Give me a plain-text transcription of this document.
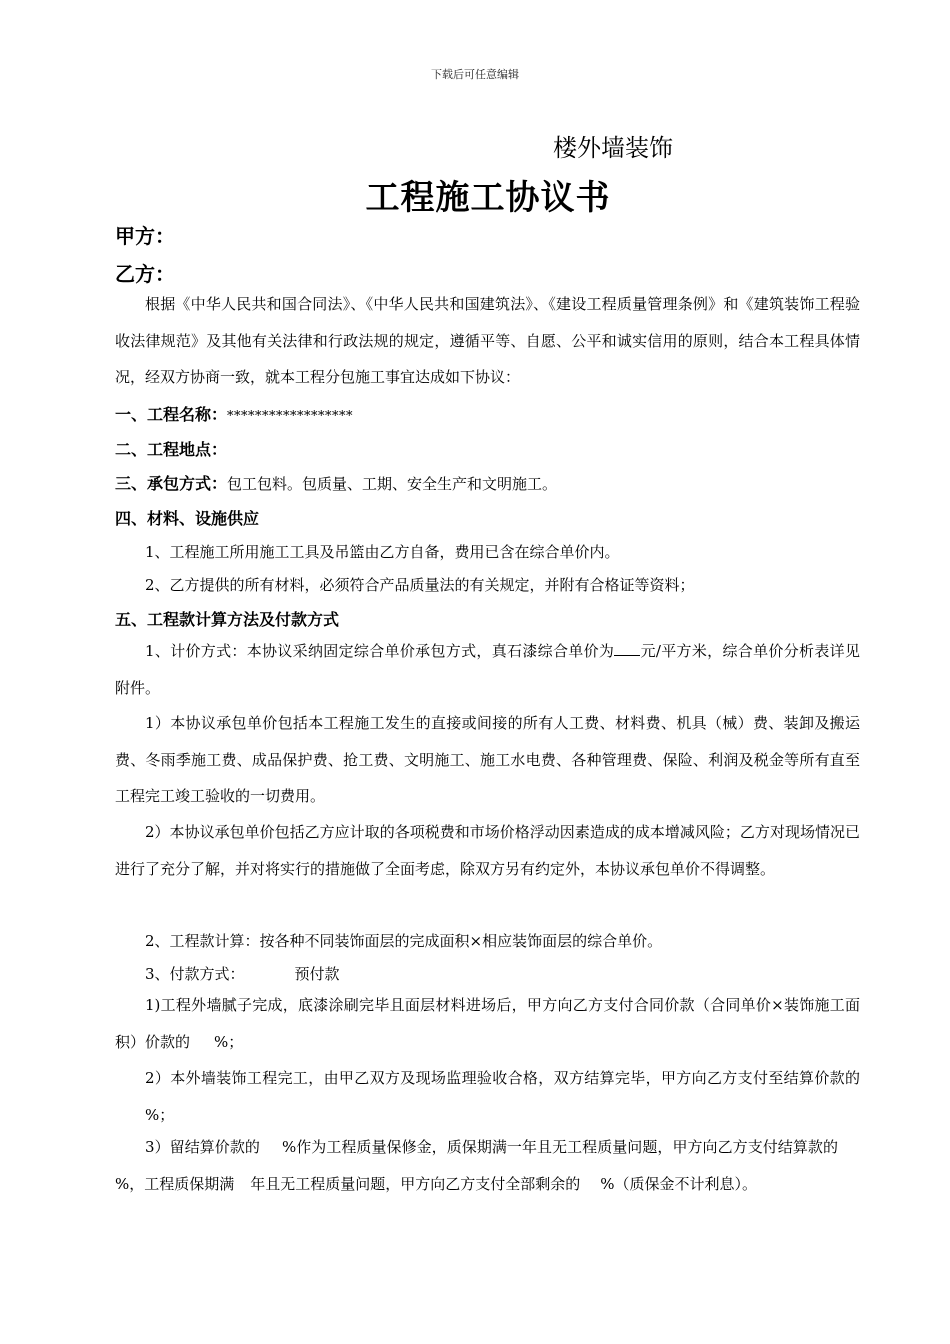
下载后可任意编辑
楼外墙装饰
工程施工协议书
甲方：
乙方：
根据《中华人民共和国合同法》、《中华人民共和国建筑法》、《建设工程质量管理条例》和《建筑装饰工程验收法律规范》及其他有关法律和行政法规的规定，遵循平等、自愿、公平和诚实信用的原则，结合本工程具体情况，经双方协商一致，就本工程分包施工事宜达成如下协议：
一、工程名称：******************
二、工程地点：
三、承包方式：包工包料。包质量、工期、安全生产和文明施工。
四、材料、设施供应
1、工程施工所用施工工具及吊篮由乙方自备，费用已含在综合单价内。
2、乙方提供的所有材料，必须符合产品质量法的有关规定，并附有合格证等资料；
五、工程款计算方法及付款方式
1、计价方式：本协议采纳固定综合单价承包方式，真石漆综合单价为 元/平方米，综合单价分析表详见附件。
1）本协议承包单价包括本工程施工发生的直接或间接的所有人工费、材料费、机具（械）费、装卸及搬运费、冬雨季施工费、成品保护费、抢工费、文明施工、施工水电费、各种管理费、保险、利润及税金等所有直至工程完工竣工验收的一切费用。
2）本协议承包单价包括乙方应计取的各项税费和市场价格浮动因素造成的成本增减风险；乙方对现场情况已进行了充分了解，并对将实行的措施做了全面考虑，除双方另有约定外，本协议承包单价不得调整。
2、工程款计算：按各种不同装饰面层的完成面积×相应装饰面层的综合单价。
3、付款方式：	预付款
1)工程外墙腻子完成，底漆涂刷完毕且面层材料进场后，甲方向乙方支付合同价款（合同单价×装饰施工面积）价款的 %；
2）本外墙装饰工程完工，由甲乙双方及现场监理验收合格，双方结算完毕，甲方向乙方支付至结算价款的%；
3）留结算价款的 %作为工程质量保修金，质保期满一年且无工程质量问题，甲方向乙方支付结算款的%，工程质保期满 年且无工程质量问题，甲方向乙方支付全部剩余的 %（质保金不计利息）。
